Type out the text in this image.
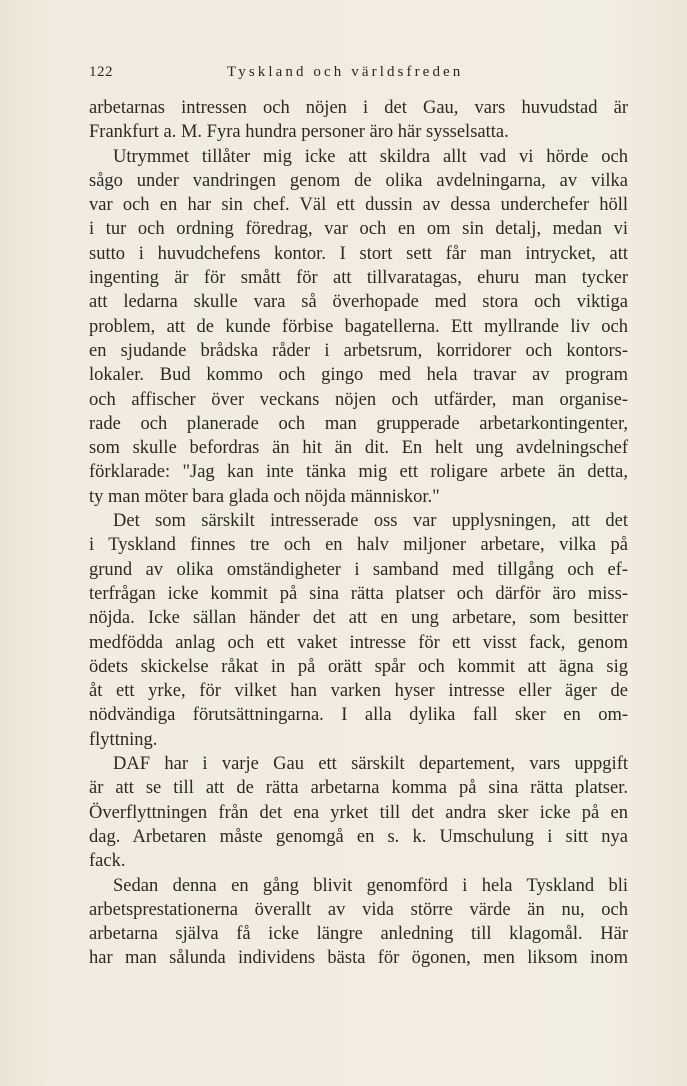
122	Tyskland och världsfreden
arbetarnas intressen och nöjen i det Gau, vars huvudstad är
Frankfurt a. M. Fyra hundra personer äro här sysselsatta.
Utrymmet tillåter mig icke att skildra allt vad vi hörde och
sågo under vandringen genom de olika avdelningarna, av vilka
var och en har sin chef. Väl ett dussin av dessa underchefer höll
i tur och ordning föredrag, var och en om sin detalj, medan vi
sutto i huvudchefens kontor. I stort sett får man intrycket, att
ingenting är för smått för att tillvaratagas, ehuru man tycker
att ledarna skulle vara så överhopade med stora och viktiga
problem, att de kunde förbise bagatellerna. Ett myllrande liv och
en sjudande brådska råder i arbetsrum, korridorer och kontors-
lokaler. Bud kommo och gingo med hela travar av program
och affischer över veckans nöjen och utfärder, man organise-
rade och planerade och man grupperade arbetarkontingenter,
som skulle befordras än hit än dit. En helt ung avdelningschef
förklarade: "Jag kan inte tänka mig ett roligare arbete än detta,
ty man möter bara glada och nöjda människor."
Det som särskilt intresserade oss var upplysningen, att det
i Tyskland finnes tre och en halv miljoner arbetare, vilka på
grund av olika omständigheter i samband med tillgång och ef-
terfrågan icke kommit på sina rätta platser och därför äro miss-
nöjda. Icke sällan händer det att en ung arbetare, som besitter
medfödda anlag och ett vaket intresse för ett visst fack, genom
ödets skickelse råkat in på orätt spår och kommit att ägna sig
åt ett yrke, för vilket han varken hyser intresse eller äger de
nödvändiga förutsättningarna. I alla dylika fall sker en om-
flyttning.
DAF har i varje Gau ett särskilt departement, vars uppgift
är att se till att de rätta arbetarna komma på sina rätta platser.
Överflyttningen från det ena yrket till det andra sker icke på en
dag. Arbetaren måste genomgå en s. k. Umschulung i sitt nya
fack.
Sedan denna en gång blivit genomförd i hela Tyskland bli
arbetsprestationerna överallt av vida större värde än nu, och
arbetarna själva få icke längre anledning till klagomål. Här
har man sålunda individens bästa för ögonen, men liksom inom
